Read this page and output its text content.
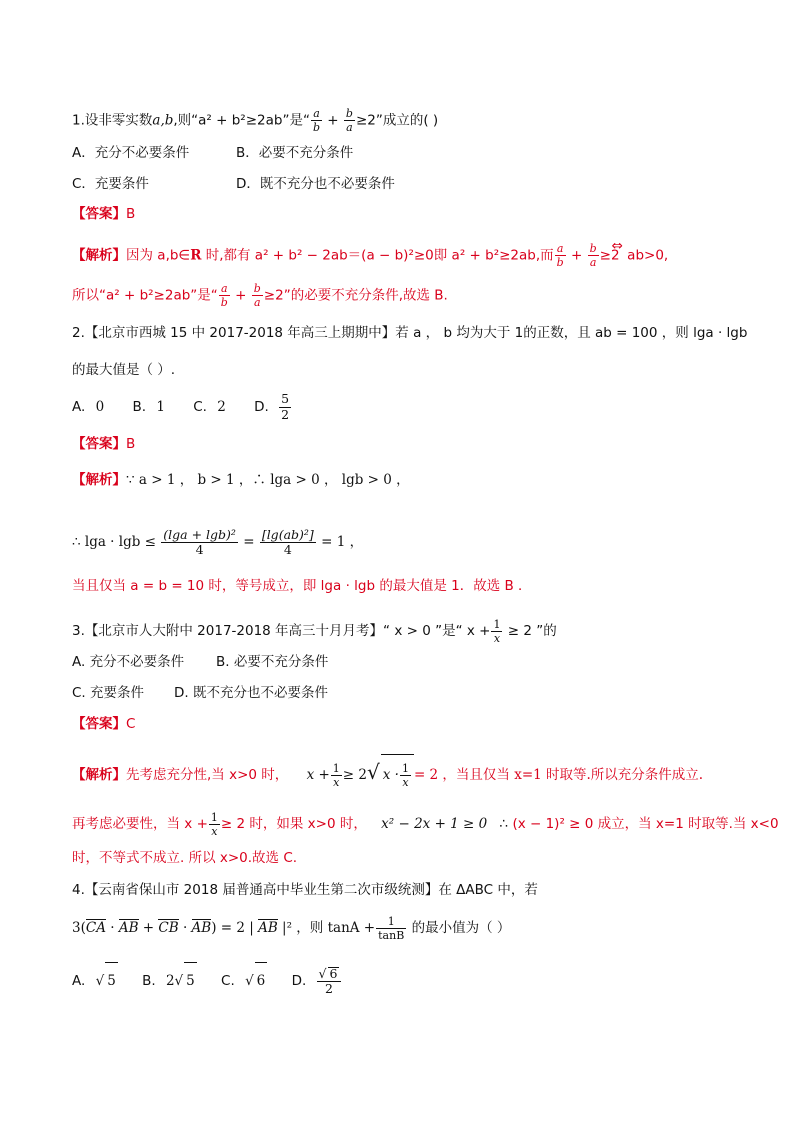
1.设非零实数a,b,则“a² + b²≥2ab”是“ $\frac{a}{b} + \frac{b}{a} \ge 2$”成立的( )
A．充分不必要条件	B．必要不充分条件
C．充要条件	D．既不充分也不必要条件
【答案】B
【解析】因为 a,b∈R 时,都有 a² + b² − 2ab＝(a − b)²≥0即 a² + b²≥2ab,而 $\frac{a}{b} + \frac{b}{a}$ ≥2⇔ ab>0,
所以“a² + b²≥2ab”是“ $\frac{a}{b} + \frac{b}{a} \ge 2$”的必要不充分条件,故选 B.
2.【北京市西城 15 中 2017-2018 年高三上期期中】若 a ， b 均为大于 1的正数，且 ab = 100 ，则 lga · lgb
的最大值是（ ）.
A. 0 B. 1 C. 2 D. $\frac{5}{2}$
【答案】B
【解析】∵ a > 1 ， b > 1 ，∴ lga > 0 ， lgb > 0 ，
∴ $\lg a \cdot \lg b \le \frac{\text{(lga + lgb)²}}{4} = \frac{\text{[lg(ab)²]}}{4} = 1$ ，
当且仅当 a = b = 10 时，等号成立，即 lga · lgb 的最大值是 1．故选 B ．
3.【北京市人大附中 2017-2018 年高三十月月考】“ x > 0 ”是“ $x + \frac{1}{x} \ge 2$ ”的
A. 充分不必要条件 B. 必要不充分条件
C. 充要条件 D. 既不充分也不必要条件
【答案】C
【解析】先考虑充分性,当 x>0 时， $x + \frac{1}{x} \ge 2√$ $x \cdot \frac{1}{x} = 2$ ，当且仅当 x=1 时取等.所以充分条件成立.
再考虑必要性，当 $x + \frac{1}{x} \ge 2$ 时，如果 x>0 时， x² − 2x + 1 ≥ 0 ∴ (x − 1)² ≥ 0 成立，当 x=1 时取等.当 x<0
时，不等式不成立. 所以 x>0.故选 C.
4.【云南省保山市 2018 届普通高中毕业生第二次市级统测】在 ΔABC 中，若
3(CA · AB + CB · AB) = 2 | AB |² ，则 $\tan A + \frac{1}{\tan B}$ 的最小值为（ ）
A. √ 5 B. 2√ 5 C. √ 6 D. $\frac{√ 6}{2}$
